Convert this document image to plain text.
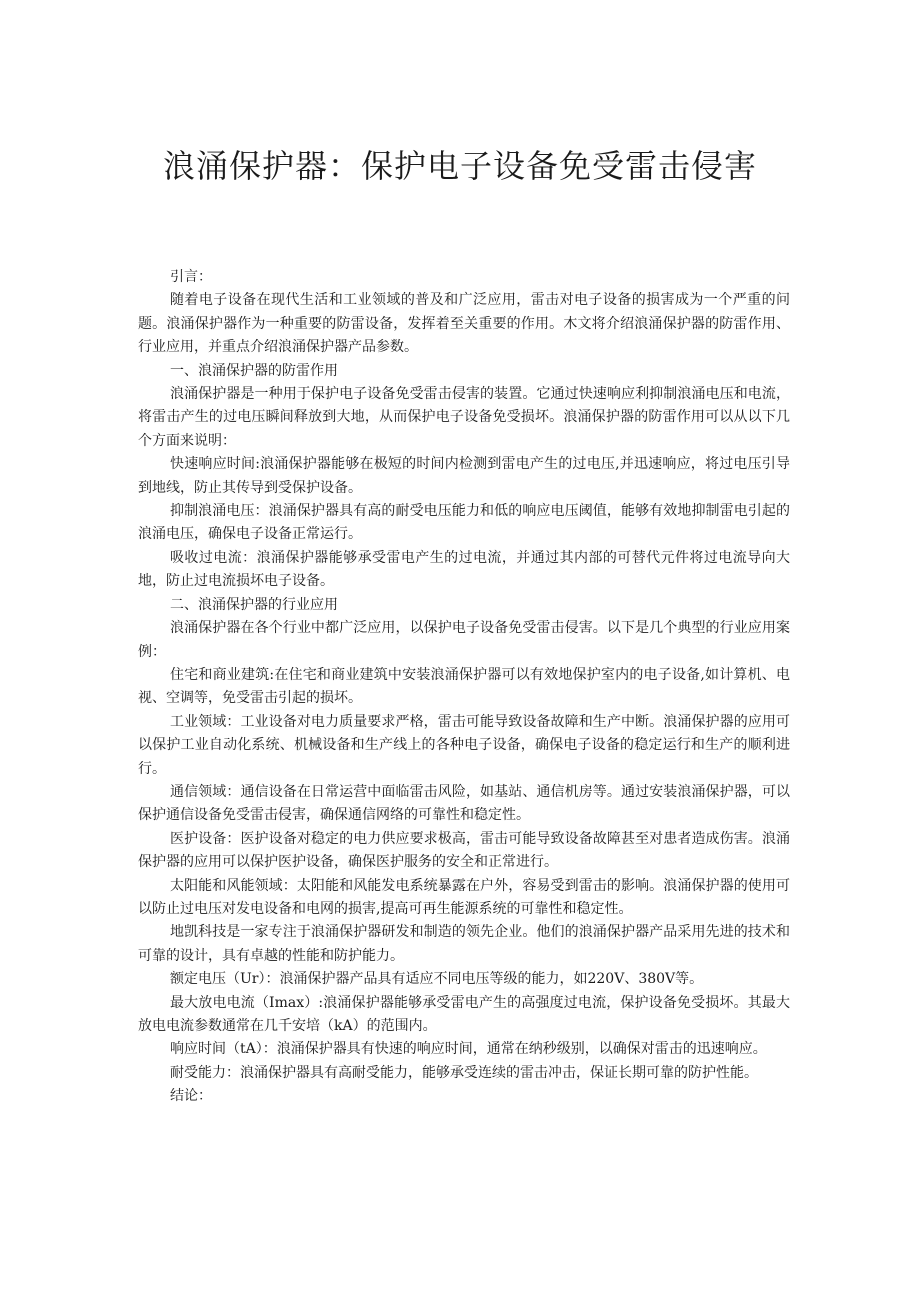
浪涌保护器：保护电子设备免受雷击侵害

引言：

随着电子设备在现代生活和工业领域的普及和广泛应用，雷击对电子设备的损害成为一个严重的问题。浪涌保护器作为一种重要的防雷设备，发挥着至关重要的作用。木文将介绍浪涌保护器的防雷作用、行业应用，并重点介绍浪涌保护器产品参数。

一、浪涌保护器的防雷作用

浪涌保护器是一种用于保护电子设备免受雷击侵害的装置。它通过快速响应利抑制浪涌电压和电流，将雷击产生的过电压瞬间释放到大地，从而保护电子设备免受损坏。浪涌保护器的防雷作用可以从以下几个方面来说明：

快速响应时间:浪涌保护器能够在极短的时间内检测到雷电产生的过电压,并迅速响应，将过电压引导到地线，防止其传导到受保护设备。

抑制浪涌电压：浪涌保护器具有高的耐受电压能力和低的响应电压阈值，能够有效地抑制雷电引起的浪涌电压，确保电子设备正常运行。

吸收过电流：浪涌保护器能够承受雷电产生的过电流，并通过其内部的可替代元件将过电流导向大地，防止过电流损坏电子设备。

二、浪涌保护器的行业应用

浪涌保护器在各个行业中都广泛应用，以保护电子设备免受雷击侵害。以下是几个典型的行业应用案例：

住宅和商业建筑:在住宅和商业建筑中安装浪涌保护器可以有效地保护室内的电子设备,如计算机、电视、空调等，免受雷击引起的损坏。

工业领域：工业设备对电力质量要求严格，雷击可能导致设备故障和生产中断。浪涌保护器的应用可以保护工业自动化系统、机械设备和生产线上的各种电子设备，确保电子设备的稳定运行和生产的顺利进行。

通信领域：通信设备在日常运营中面临雷击风险，如基站、通信机房等。通过安装浪涌保护器，可以保护通信设备免受雷击侵害，确保通信网络的可靠性和稳定性。

医护设备：医护设备对稳定的电力供应要求极高，雷击可能导致设备故障甚至对患者造成伤害。浪涌保护器的应用可以保护医护设备，确保医护服务的安全和正常进行。

太阳能和风能领域：太阳能和风能发电系统暴露在户外，容易受到雷击的影响。浪涌保护器的使用可以防止过电压对发电设备和电网的损害,提高可再生能源系统的可靠性和稳定性。

地凯科技是一家专注于浪涌保护器研发和制造的领先企业。他们的浪涌保护器产品采用先进的技术和可靠的设计，具有卓越的性能和防护能力。

额定电压（Ur）：浪涌保护器产品具有适应不同电压等级的能力，如220V、380V等。

最大放电电流（Imax）:浪涌保护器能够承受雷电产生的高强度过电流，保护设备免受损坏。其最大放电电流参数通常在几千安培（kA）的范围内。

响应时间（tA）：浪涌保护器具有快速的响应时间，通常在纳秒级别，以确保对雷击的迅速响应。

耐受能力：浪涌保护器具有高耐受能力，能够承受连续的雷击冲击，保证长期可靠的防护性能。

结论：
